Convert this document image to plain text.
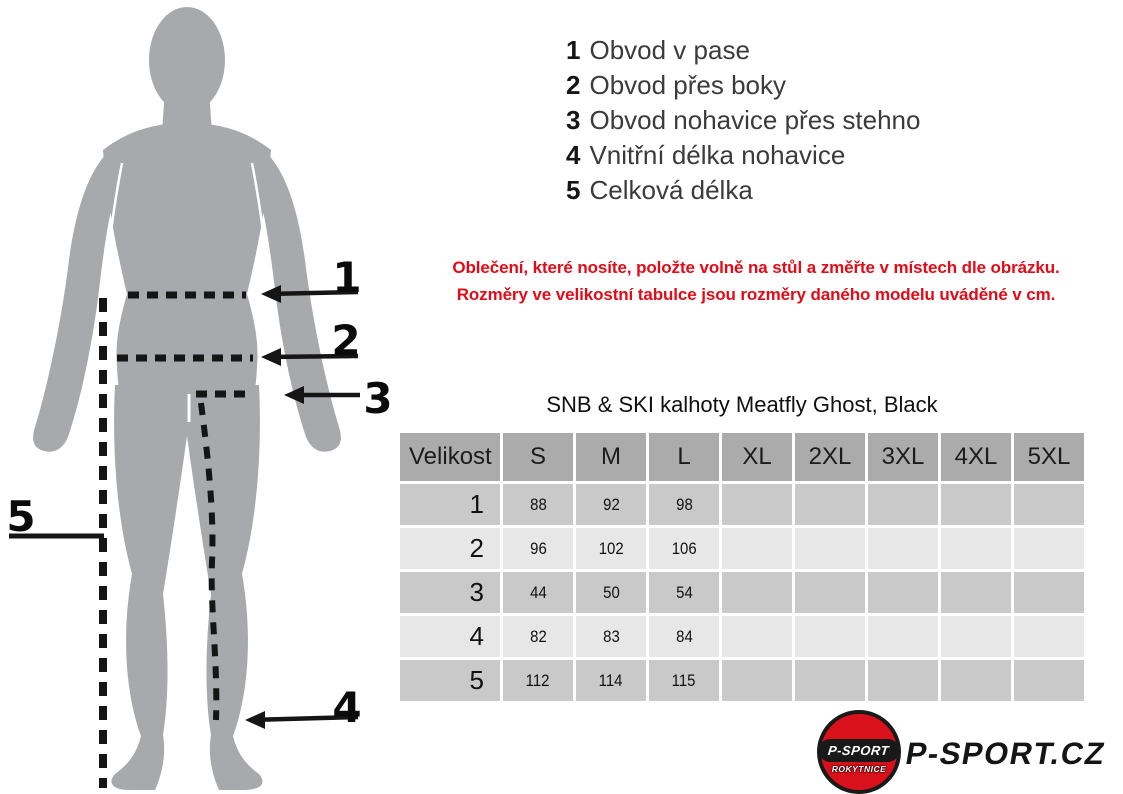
1
2
3
4
5
1 Obvod v pase
2 Obvod přes boky
3 Obvod nohavice přes stehno
4 Vnitřní délka nohavice
5 Celková délka
Oblečení, které nosíte, položte volně na stůl a změřte v místech dle obrázku.
Rozměry ve velikostní tabulce jsou rozměry daného modelu uváděné v cm.
SNB & SKI kalhoty Meatfly Ghost, Black
Velikost	S	M	L	XL	2XL	3XL	4XL	5XL
1	88	92	98
2	96	102	106
3	44	50	54
4	82	83	84
5	112	114	115
P-SPORT
ROKYTNICE P-SPORT.CZ
